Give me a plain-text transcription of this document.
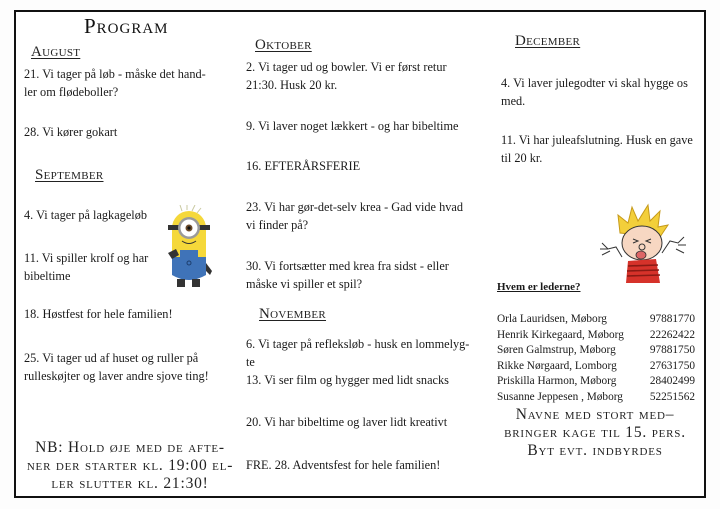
Program
August
21. Vi tager på løb - måske det hand-
ler om flødeboller?
28. Vi kører gokart
September
4. Vi tager på lagkageløb
11. Vi spiller krolf og har
bibeltime
18. Høstfest for hele familien!
25. Vi tager ud af huset og ruller på
rulleskøjter og laver andre sjove ting!
NB: Hold øje med de afte-
ner der starter kl. 19:00 el-
ler slutter kl. 21:30!
Oktober
2. Vi tager ud og bowler. Vi er først retur
21:30. Husk 20 kr.
9. Vi laver noget lækkert - og har bibeltime
16. EFTERÅRSFERIE
23. Vi har gør-det-selv krea - Gad vide hvad
vi finder på?
30. Vi fortsætter med krea fra sidst - eller
måske vi spiller et spil?
November
6. Vi tager på refleksløb - husk en lommelyg-
te
13. Vi ser film og hygger med lidt snacks
20. Vi har bibeltime og laver lidt kreativt
FRE. 28. Adventsfest for hele familien!
December
4. Vi laver julegodter vi skal hygge os
med.
11. Vi har juleafslutning. Husk en gave
til 20 kr.
Hvem er lederne?
Orla Lauridsen, Møborg	97881770
Henrik Kirkegaard, Møborg 22262422
Søren Galmstrup, Møborg	97881750
Rikke Nørgaard, Lomborg	27631750
Priskilla Harmon, Møborg	28402499
Susanne Jeppesen , Møborg 52251562
Navne med stort med–
bringer kage til 15. pers.
Byt evt. indbyrdes
